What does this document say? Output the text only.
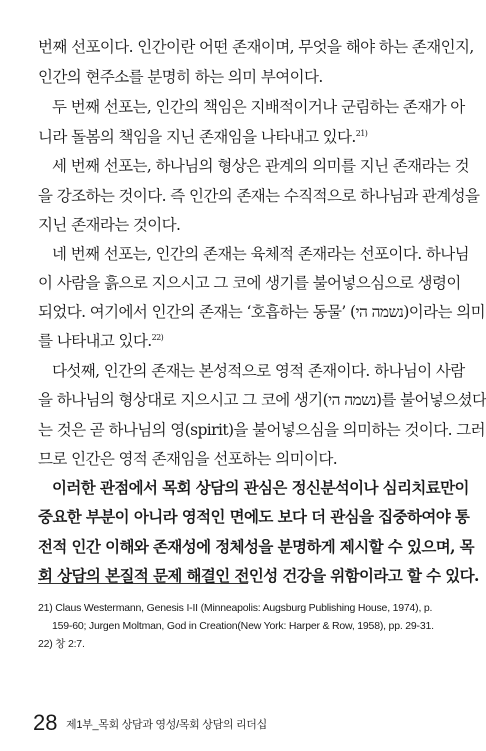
번째 선포이다. 인간이란 어떤 존재이며, 무엇을 해야 하는 존재인지,
인간의 현주소를 분명히 하는 의미 부여이다.
두 번째 선포는, 인간의 책임은 지배적이거나 군림하는 존재가 아
니라 돌봄의 책임을 지닌 존재임을 나타내고 있다.$^{21)}$
세 번째 선포는, 하나님의 형상은 관계의 의미를 지닌 존재라는 것
을 강조하는 것이다. 즉 인간의 존재는 수직적으로 하나님과 관계성을
지닌 존재라는 것이다.
네 번째 선포는, 인간의 존재는 육체적 존재라는 선포이다. 하나님
이 사람을 흙으로 지으시고 그 코에 생기를 불어넣으심으로 생령이
되었다. 여기에서 인간의 존재는 ‘호흡하는 동물’ (נשמה הי)이라는 의미
를 나타내고 있다.$^{22)}$
다섯째, 인간의 존재는 본성적으로 영적 존재이다. 하나님이 사람
을 하나님의 형상대로 지으시고 그 코에 생기(נשמה הי)를 불어넣으셨다
는 것은 곧 하나님의 영(spirit)을 불어넣으심을 의미하는 것이다. 그러
므로 인간은 영적 존재임을 선포하는 의미이다.
이러한 관점에서 목회 상담의 관심은 정신분석이나 심리치료만이
중요한 부분이 아니라 영적인 면에도 보다 더 관심을 집중하여야 통
전적 인간 이해와 존재성에 정체성을 분명하게 제시할 수 있으며, 목
회 상담의 본질적 문제 해결인 전인성 건강을 위함이라고 할 수 있다.
21) Claus Westermann, Genesis I-II (Minneapolis: Augsburg Publishing House, 1974), p.
159-60; Jurgen Moltman, God in Creation(New York: Harper & Row, 1958), pp. 29-31.
22) 창 2:7.
28 제1부_목회 상담과 영성/목회 상담의 리더십
